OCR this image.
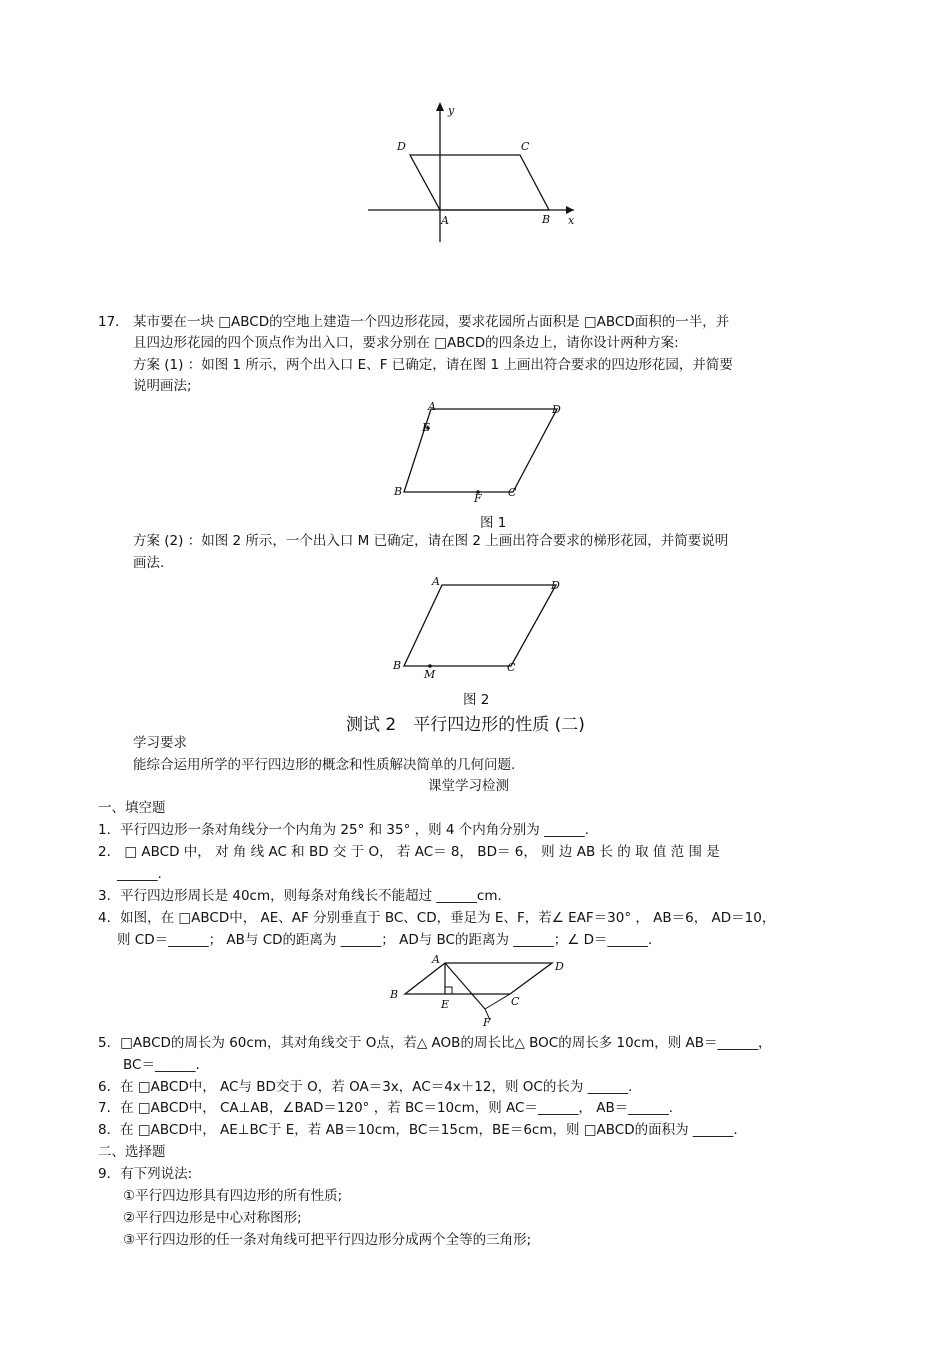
y
D	C
A	B x
17． 某市要在一块 □ABCD的空地上建造一个四边形花园，要求花园所占面积是 □ABCD面积的一半，并
且四边形花园的四个顶点作为出入口，要求分别在 □ABCD的四条边上，请你设计两种方案:
方案 (1) ：如图 1 所示，两个出入口 E、F 已确定，请在图 1 上画出符合要求的四边形花园，并简要
说明画法;
A	D
E
B
F C
图 1
方案 (2) ：如图 2 所示，一个出入口 M 已确定，请在图 2 上画出符合要求的梯形花园，并简要说明
画法.
A	D
B
M
C
图 2
测试 2　平行四边形的性质 (二)
学习要求
能综合运用所学的平行四边形的概念和性质解决简单的几何问题.
课堂学习检测
一、填空题
1．平行四边形一条对角线分一个内角为 25° 和 35° ，则 4 个内角分别为 ______.
2． □ ABCD 中， 对 角 线 AC 和 BD 交 于 O， 若 AC＝ 8， BD＝ 6， 则 边 AB 长 的 取 值 范 围 是
______.
3．平行四边形周长是 40cm，则每条对角线长不能超过 ______cm.
4．如图，在 □ABCD中， AE、AF 分别垂直于 BC、CD，垂足为 E、F，若∠ EAF＝30° ， AB＝6， AD＝10，
则 CD＝______； AB与 CD的距离为 ______； AD与 BC的距离为 ______；∠ D＝______.
A
D
B
E	C
F
5．□ABCD的周长为 60cm，其对角线交于 O点，若△ AOB的周长比△ BOC的周长多 10cm，则 AB＝______，
BC＝______.
6．在 □ABCD中， AC与 BD交于 O，若 OA＝3x，AC＝4x＋12，则 OC的长为 ______.
7．在 □ABCD中， CA⊥AB，∠BAD＝120° ，若 BC＝10cm，则 AC＝______， AB＝______.
8．在 □ABCD中， AE⊥BC于 E，若 AB＝10cm，BC＝15cm，BE＝6cm，则 □ABCD的面积为 ______.
二、选择题
9．有下列说法:
①平行四边形具有四边形的所有性质;
②平行四边形是中心对称图形;
③平行四边形的任一条对角线可把平行四边形分成两个全等的三角形;
